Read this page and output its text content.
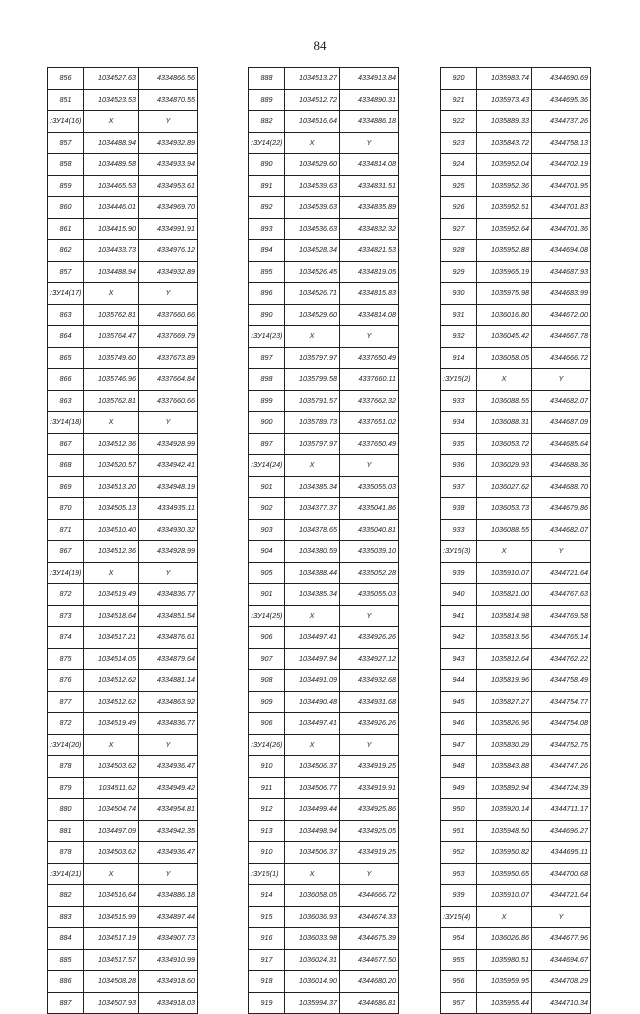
84
856	1034527.63	4334866.56
851	1034523.53	4334870.55
:ЗУ14(16)	X	Y
857	1034488.94	4334932.89
858	1034489.58	4334933.94
859	1034465.53	4334953.61
860	1034446.01	4334969.70
861	1034415.90	4334991.91
862	1034433.73	4334976.12
857	1034488.94	4334932.89
:ЗУ14(17)	X	Y
863	1035762.81	4337660.66
864	1035764.47	4337669.79
865	1035749.60	4337673.89
866	1035746.96	4337664.84
863	1035762.81	4337660.66
:ЗУ14(18)	X	Y
867	1034512.36	4334928.99
868	1034520.57	4334942.41
869	1034513.20	4334948.19
870	1034505.13	4334935.11
871	1034510.40	4334930.32
867	1034512.36	4334928.99
:ЗУ14(19)	X	Y
872	1034519.49	4334836.77
873	1034518.64	4334851.54
874	1034517.21	4334876.61
875	1034514.05	4334879.64
876	1034512.62	4334881.14
877	1034512.62	4334863.92
872	1034519.49	4334836.77
:ЗУ14(20)	X	Y
878	1034503.62	4334936.47
879	1034511.62	4334949.42
880	1034504.74	4334954.81
881	1034497.09	4334942.35
878	1034503.62	4334936.47
:ЗУ14(21)	X	Y
882	1034516.64	4334886.18
883	1034515.99	4334897.44
884	1034517.19	4334907.73
885	1034517.57	4334910.99
886	1034508.28	4334918.60
887	1034507.93	4334918.03
888	1034513.27	4334913.84
889	1034512.72	4334890.31
882	1034516.64	4334886.18
:ЗУ14(22)	X	Y
890	1034529.60	4334814.08
891	1034539.63	4334831.51
892	1034539.63	4334835.89
893	1034536.63	4334832.32
894	1034528.34	4334821.53
895	1034526.45	4334819.05
896	1034526.71	4334815.83
890	1034529.60	4334814.08
:ЗУ14(23)	X	Y
897	1035797.97	4337650.49
898	1035799.58	4337660.11
899	1035791.57	4337662.32
900	1035789.73	4337651.02
897	1035797.97	4337650.49
:ЗУ14(24)	X	Y
901	1034385.34	4335055.03
902	1034377.37	4335041.86
903	1034378.65	4335040.81
904	1034380.59	4335039.10
905	1034388.44	4335052.28
901	1034385.34	4335055.03
:ЗУ14(25)	X	Y
906	1034497.41	4334926.26
907	1034497.94	4334927.12
908	1034491.09	4334932.68
909	1034490.48	4334931.68
906	1034497.41	4334926.26
:ЗУ14(26)	X	Y
910	1034506.37	4334919.25
911	1034506.77	4334919.91
912	1034499.44	4334925.86
913	1034498.94	4334925.05
910	1034506.37	4334919.25
:ЗУ15(1)	X	Y
914	1036058.05	4344666.72
915	1036036.93	4344674.33
916	1036033.98	4344675.39
917	1036024.31	4344677.50
918	1036014.90	4344680.20
919	1035994.37	4344686.81
920	1035983.74	4344690.69
921	1035973.43	4344695.36
922	1035889.33	4344737.26
923	1035843.72	4344758.13
924	1035952.04	4344702.19
925	1035952.36	4344701.95
926	1035952.51	4344701.83
927	1035952.64	4344701.36
928	1035952.88	4344694.08
929	1035965.19	4344687.93
930	1035975.98	4344683.99
931	1036016.80	4344672.00
932	1036045.42	4344667.78
914	1036058.05	4344666.72
:ЗУ15(2)	X	Y
933	1036088.55	4344682.07
934	1036088.31	4344687.09
935	1036053.72	4344685.64
936	1036029.93	4344688.36
937	1036027.62	4344688.70
938	1036053.73	4344679.86
933	1036088.55	4344682.07
:ЗУ15(3)	X	Y
939	1035910.07	4344721.64
940	1035821.00	4344767.63
941	1035814.98	4344769.58
942	1035813.56	4344765.14
943	1035812.64	4344762.22
944	1035819.96	4344758.49
945	1035827.27	4344754.77
946	1035826.96	4344754.08
947	1035830.29	4344752.75
948	1035843.88	4344747.26
949	1035892.94	4344724.39
950	1035920.14	4344711.17
951	1035948.50	4344696.27
952	1035950.82	4344695.11
953	1035950.65	4344700.68
939	1035910.07	4344721.64
:ЗУ15(4)	X	Y
954	1036026.86	4344677.96
955	1035980.51	4344694.67
956	1035959.95	4344708.29
957	1035955.44	4344710.34
